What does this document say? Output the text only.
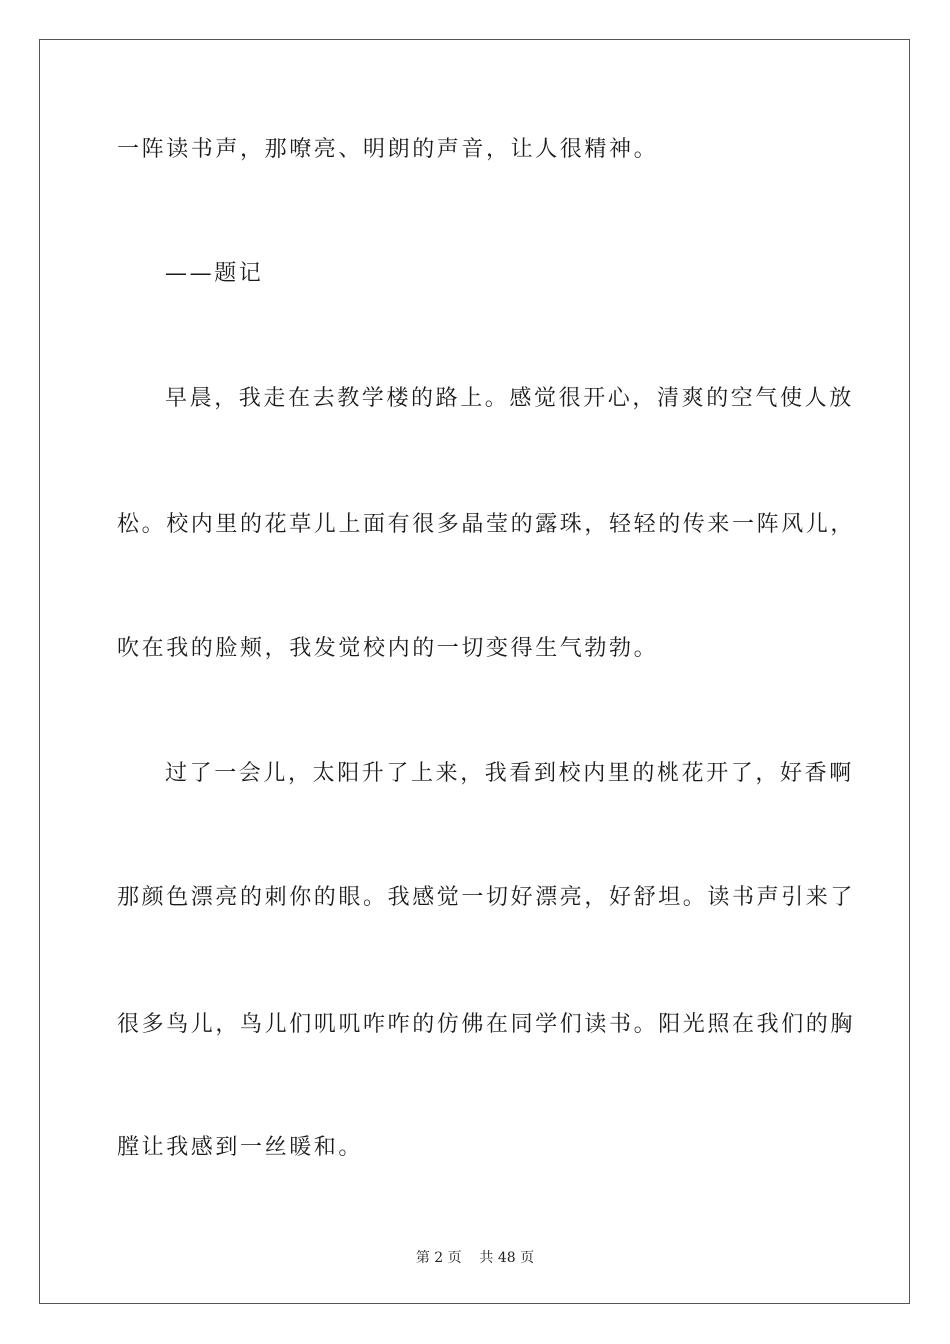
一阵读书声，那嘹亮、明朗的声音，让人很精神。
——题记
早晨，我走在去教学楼的路上。感觉很开心，清爽的空气使人放
松。校内里的花草儿上面有很多晶莹的露珠，轻轻的传来一阵风儿，
吹在我的脸颊，我发觉校内的一切变得生气勃勃。
过了一会儿，太阳升了上来，我看到校内里的桃花开了，好香啊
那颜色漂亮的刺你的眼。我感觉一切好漂亮，好舒坦。读书声引来了
很多鸟儿，鸟儿们叽叽咋咋的仿佛在同学们读书。阳光照在我们的胸
膛让我感到一丝暖和。
第 2 页    共 48 页
